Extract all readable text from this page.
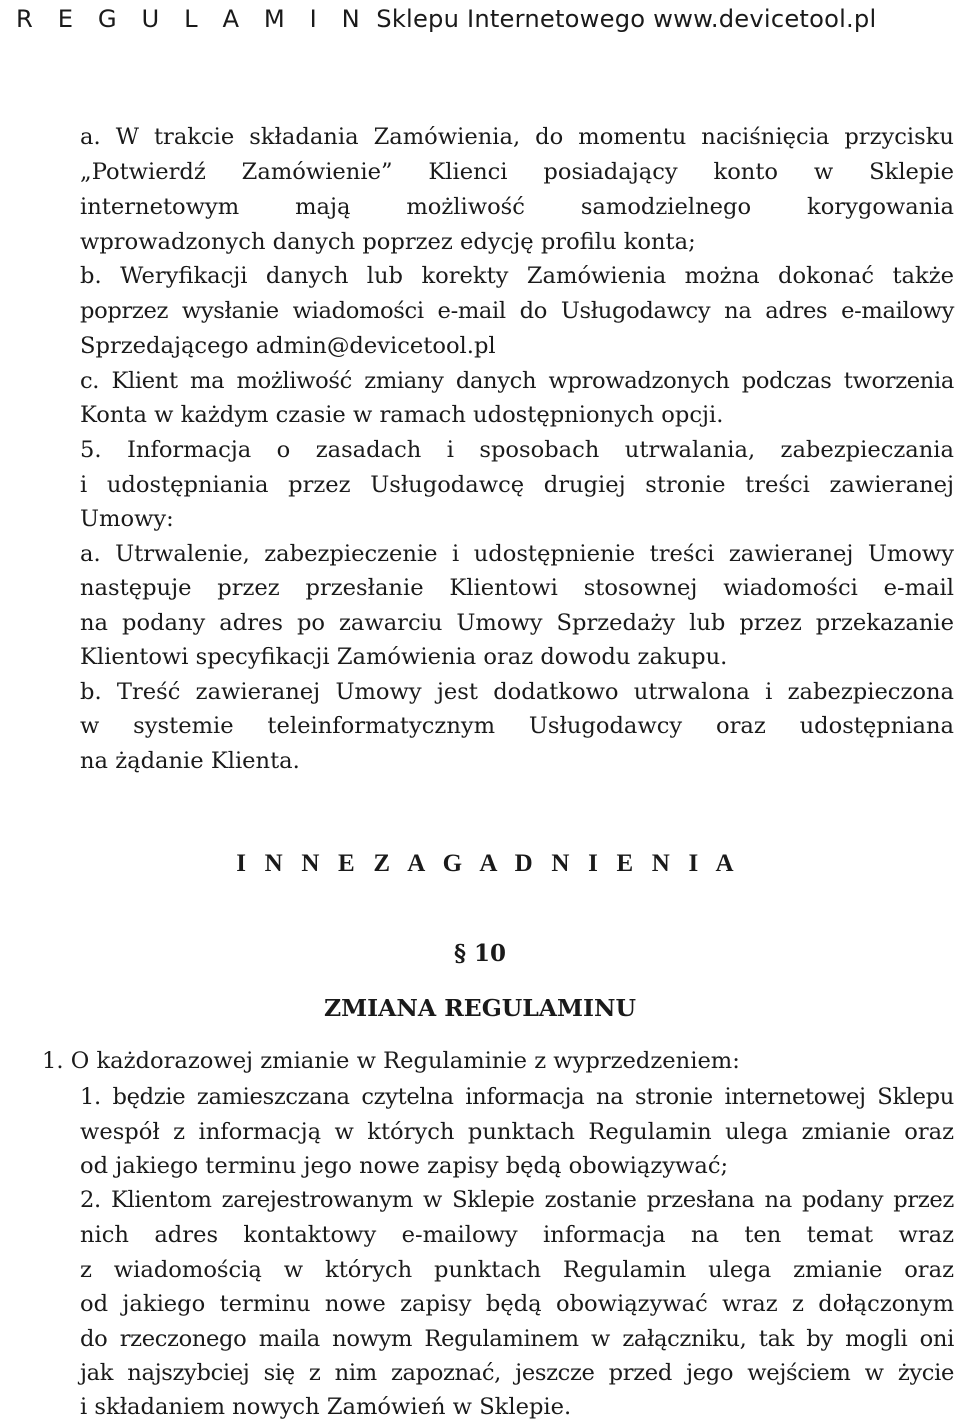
R E G U L A M I N Sklepu Internetowego www.devicetool.pl
a. W trakcie składania Zamówienia, do momentu naciśnięcia przycisku
„Potwierdź Zamówienie” Klienci posiadający konto w Sklepie
internetowym mają możliwość samodzielnego korygowania
wprowadzonych danych poprzez edycję profilu konta;
b. Weryfikacji danych lub korekty Zamówienia można dokonać także
poprzez wysłanie wiadomości e-mail do Usługodawcy na adres e-mailowy
Sprzedającego admin@devicetool.pl
c. Klient ma możliwość zmiany danych wprowadzonych podczas tworzenia
Konta w każdym czasie w ramach udostępnionych opcji.
5. Informacja o zasadach i sposobach utrwalania, zabezpieczania
i udostępniania przez Usługodawcę drugiej stronie treści zawieranej
Umowy:
a. Utrwalenie, zabezpieczenie i udostępnienie treści zawieranej Umowy
następuje przez przesłanie Klientowi stosownej wiadomości e-mail
na podany adres po zawarciu Umowy Sprzedaży lub przez przekazanie
Klientowi specyfikacji Zamówienia oraz dowodu zakupu.
b. Treść zawieranej Umowy jest dodatkowo utrwalona i zabezpieczona
w systemie teleinformatycznym Usługodawcy oraz udostępniana
na żądanie Klienta.
I N N E Z A G A D N I E N I A
§ 10
ZMIANA REGULAMINU
1. O każdorazowej zmianie w Regulaminie z wyprzedzeniem:
1. będzie zamieszczana czytelna informacja na stronie internetowej Sklepu
wespół z informacją w których punktach Regulamin ulega zmianie oraz
od jakiego terminu jego nowe zapisy będą obowiązywać;
2. Klientom zarejestrowanym w Sklepie zostanie przesłana na podany przez
nich adres kontaktowy e-mailowy informacja na ten temat wraz
z wiadomością w których punktach Regulamin ulega zmianie oraz
od jakiego terminu nowe zapisy będą obowiązywać wraz z dołączonym
do rzeczonego maila nowym Regulaminem w załączniku, tak by mogli oni
jak najszybciej się z nim zapoznać, jeszcze przed jego wejściem w życie
i składaniem nowych Zamówień w Sklepie.
